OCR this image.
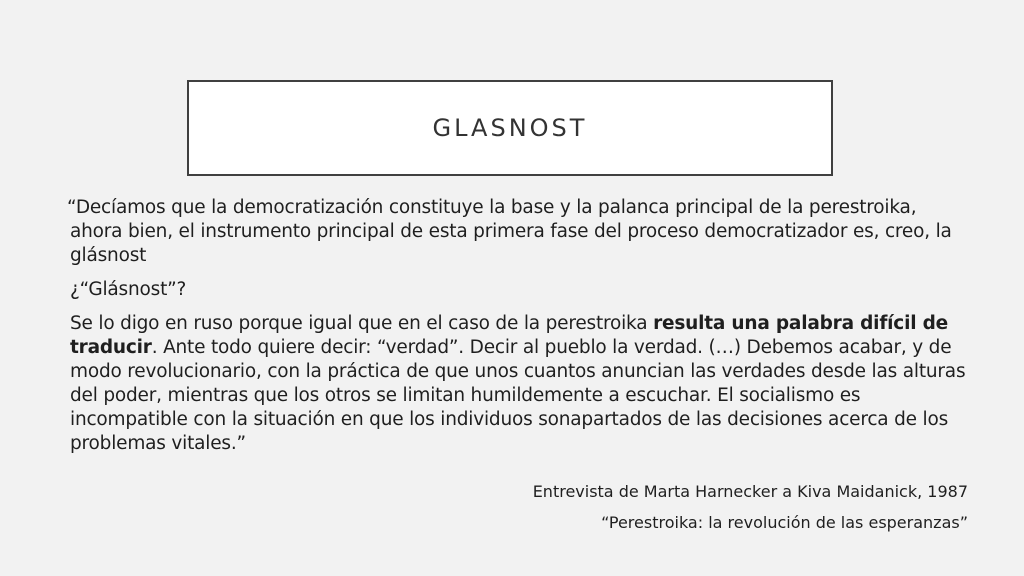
GLASNOST

“Decíamos que la democratización constituye la base y la palanca principal de la perestroika, ahora bien, el instrumento principal de esta primera fase del proceso democratizador es, creo, la glásnost

¿“Glásnost”?

Se lo digo en ruso porque igual que en el caso de la perestroika resulta una palabra difícil de traducir. Ante todo quiere decir: “verdad”. Decir al pueblo la verdad. (…) Debemos acabar, y de modo revolucionario, con la práctica de que unos cuantos anuncian las verdades desde las alturas del poder, mientras que los otros se limitan humildemente a escuchar. El socialismo es incompatible con la situación en que los individuos sonapartados de las decisiones acerca de los problemas vitales.”

Entrevista de Marta Harnecker a Kiva Maidanick, 1987
“Perestroika: la revolución de las esperanzas”
